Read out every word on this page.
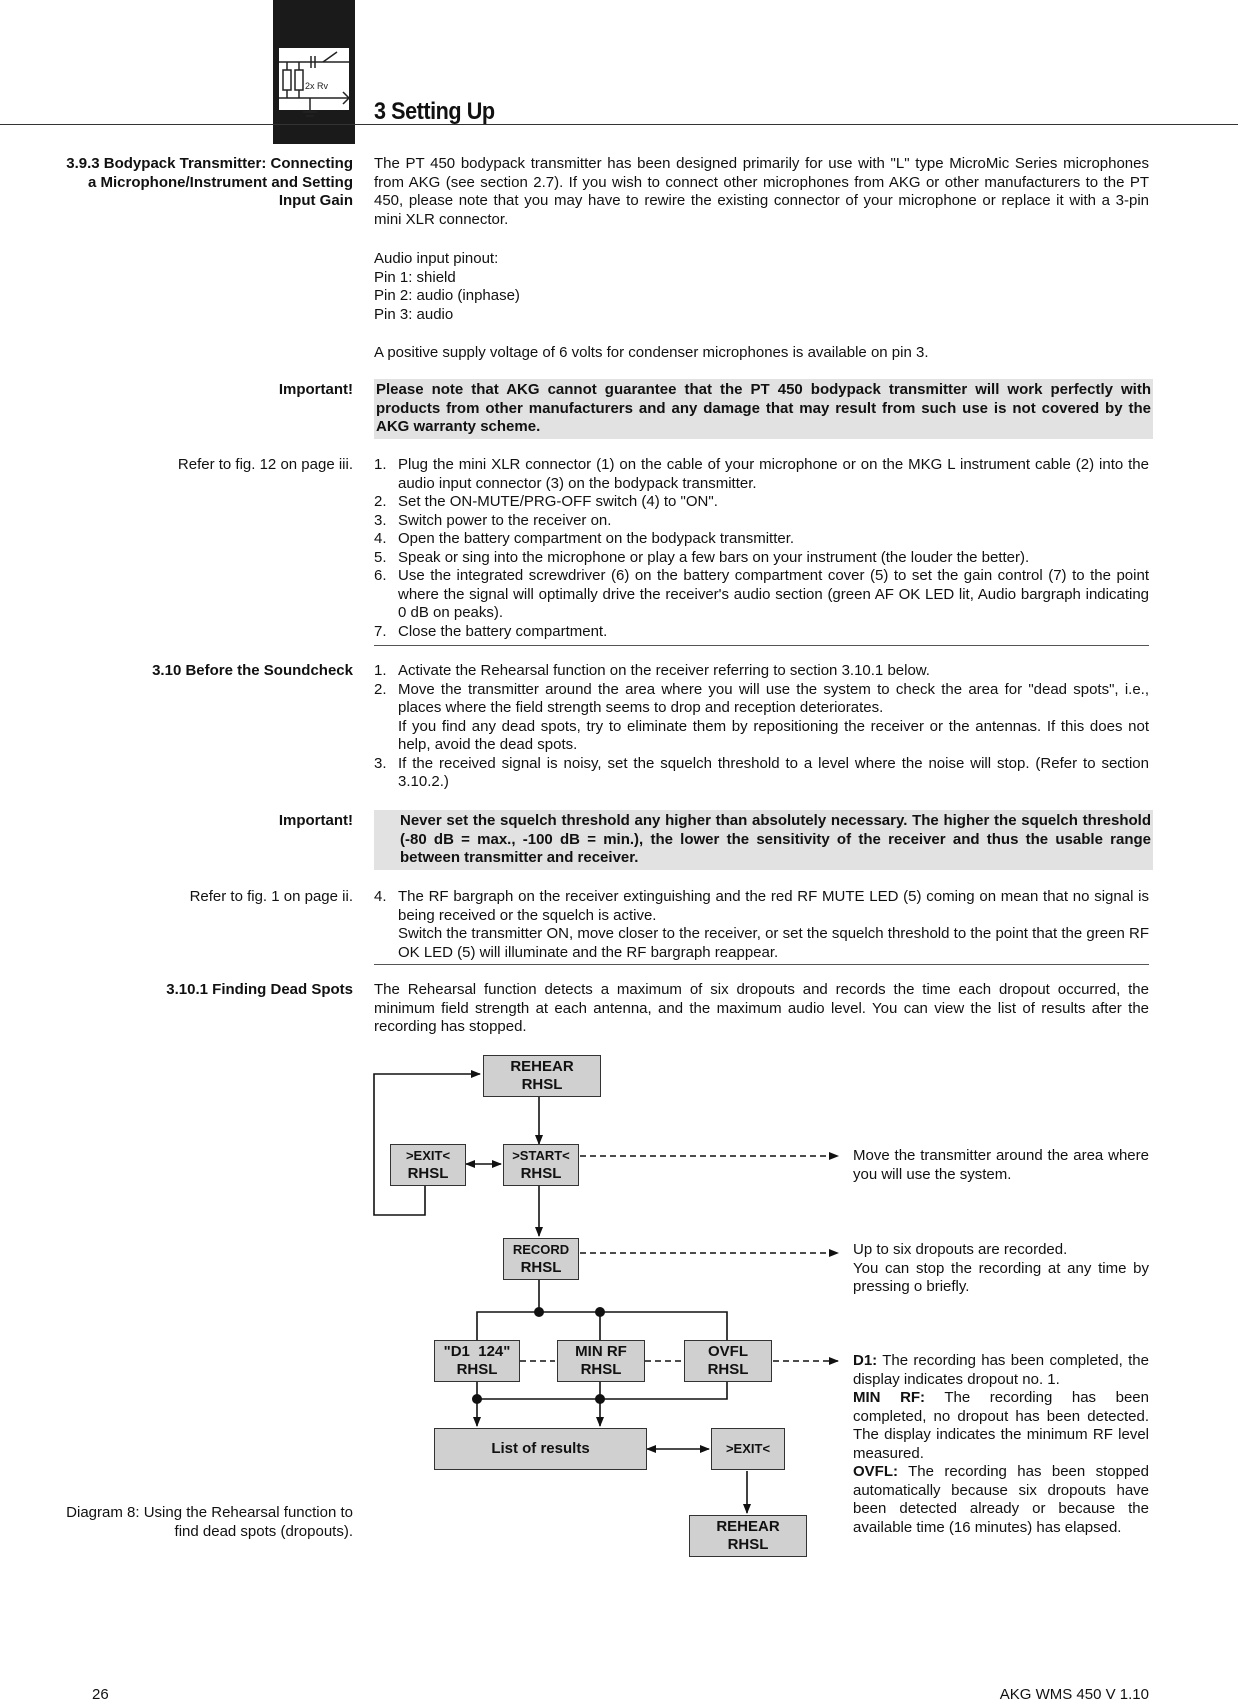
2x Rv
3 Setting Up
3.9.3 Bodypack Transmitter: Connecting a Microphone/Instrument and Setting Input Gain

The PT 450 bodypack transmitter has been designed primarily for use with "L" type MicroMic Series microphones from AKG (see section 2.7). If you wish to connect other microphones from AKG or other manufacturers to the PT 450, please note that you may have to rewire the existing connector of your microphone or replace it with a 3-pin mini XLR connector.

Audio input pinout:

Pin 1: shield

Pin 2: audio (inphase)

Pin 3: audio

A positive supply voltage of 6 volts for condenser microphones is available on pin 3.

Important! Please note that AKG cannot guarantee that the PT 450 bodypack transmitter will work perfectly with products from other manufacturers and any damage that may result from such use is not covered by the AKG warranty scheme.

Refer to fig. 12 on page iii. 1. Plug the mini XLR connector (1) on the cable of your microphone or on the MKG L instrument cable (2) into the audio input connector (3) on the bodypack transmitter.
2. Set the ON-MUTE/PRG-OFF switch (4) to "ON".
3. Switch power to the receiver on.
4. Open the battery compartment on the bodypack transmitter.
5. Speak or sing into the microphone or play a few bars on your instrument (the louder the better).
6. Use the integrated screwdriver (6) on the battery compartment cover (5) to set the gain control (7) to the point where the signal will optimally drive the receiver's audio section (green AF OK LED lit, Audio bargraph indicating 0 dB on peaks).
7. Close the battery compartment.
3.10 Before the Soundcheck 1. Activate the Rehearsal function on the receiver referring to section 3.10.1 below.
2. Move the transmitter around the area where you will use the system to check the area for "dead spots", i.e., places where the field strength seems to drop and reception deteriorates.
If you find any dead spots, try to eliminate them by repositioning the receiver or the antennas. If this does not help, avoid the dead spots.
3. If the received signal is noisy, set the squelch threshold to a level where the noise will stop. (Refer to section 3.10.2.)
Important!	Never set the squelch threshold any higher than absolutely necessary. The higher the squelch threshold (-80 dB = max., -100 dB = min.), the lower the sensitivity of the receiver and thus the usable range between transmitter and receiver.

Refer to fig. 1 on page ii. 4. The RF bargraph on the receiver extinguishing and the red RF MUTE LED (5) coming on mean that no signal is being received or the squelch is active.
Switch the transmitter ON, move closer to the receiver, or set the squelch threshold to the point that the green RF OK LED (5) will illuminate and the RF bargraph reappear.
3.10.1 Finding Dead Spots The Rehearsal function detects a maximum of six dropouts and records the time each dropout occurred, the minimum field strength at each antenna, and the maximum audio level. You can view the list of results after the recording has stopped.

REHEAR
RHSL
>EXIT<
RHSL
>START<
RHSL
RECORD
RHSL
"D1  124"
RHSL
MIN RF
RHSL
OVFL
RHSL
List of results	>EXIT<
REHEAR
RHSL

Move the transmitter around the area where you will use the system.

Up to six dropouts are recorded.

You can stop the recording at any time by pressing o briefly.

D1: The recording has been completed, the display indicates dropout no. 1.

MIN RF: The recording has been completed, no dropout has been detected. The display indicates the minimum RF level measured.

OVFL: The recording has been stopped automatically because six dropouts have been detected already or because the available time (16 minutes) has elapsed.

Diagram 8: Using the Rehearsal function to find dead spots (dropouts).
26	AKG WMS 450 V 1.10
